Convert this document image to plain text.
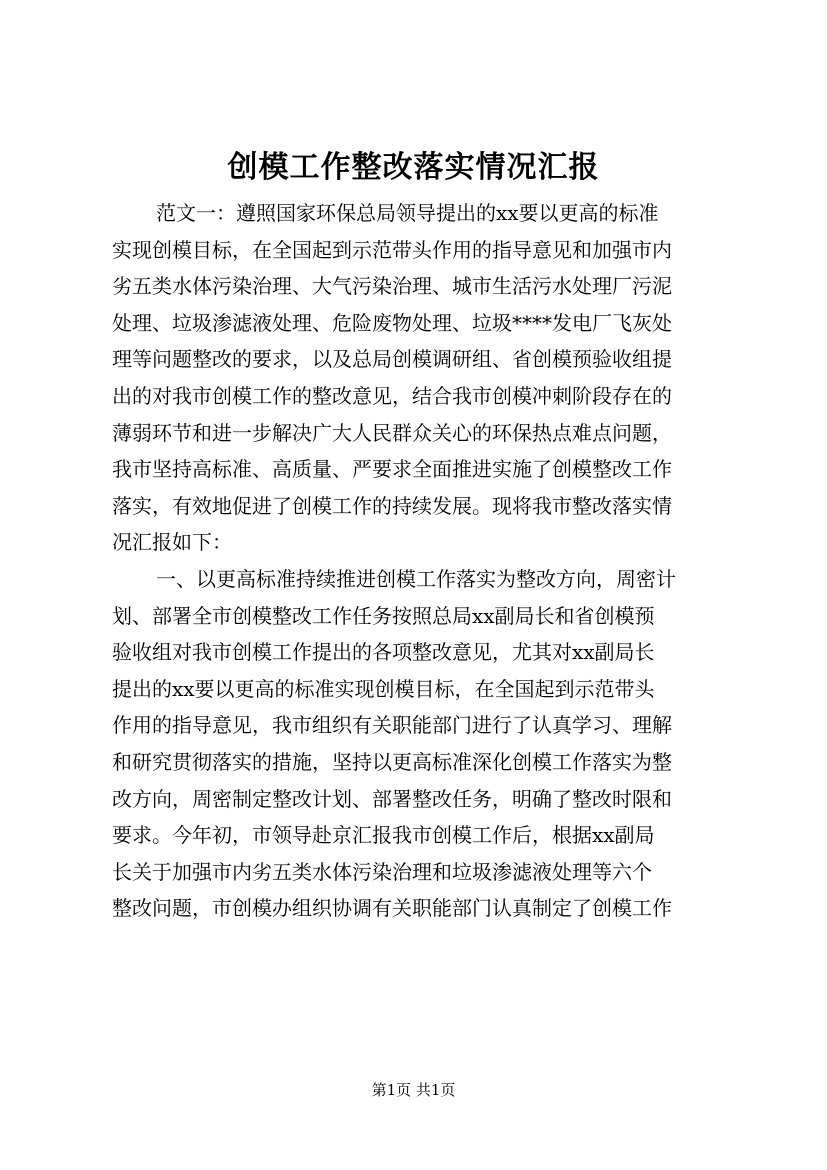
创模工作整改落实情况汇报
范文一：遵照国家环保总局领导提出的xx要以更高的标准
实现创模目标，在全国起到示范带头作用的指导意见和加强市内
劣五类水体污染治理、大气污染治理、城市生活污水处理厂污泥
处理、垃圾渗滤液处理、危险废物处理、垃圾****发电厂飞灰处
理等问题整改的要求，以及总局创模调研组、省创模预验收组提
出的对我市创模工作的整改意见，结合我市创模冲刺阶段存在的
薄弱环节和进一步解决广大人民群众关心的环保热点难点问题，
我市坚持高标准、高质量、严要求全面推进实施了创模整改工作
落实，有效地促进了创模工作的持续发展。现将我市整改落实情
况汇报如下：
一、以更高标准持续推进创模工作落实为整改方向，周密计
划、部署全市创模整改工作任务按照总局xx副局长和省创模预
验收组对我市创模工作提出的各项整改意见，尤其对xx副局长
提出的xx要以更高的标准实现创模目标，在全国起到示范带头
作用的指导意见，我市组织有关职能部门进行了认真学习、理解
和研究贯彻落实的措施，坚持以更高标准深化创模工作落实为整
改方向，周密制定整改计划、部署整改任务，明确了整改时限和
要求。今年初，市领导赴京汇报我市创模工作后，根据xx副局
长关于加强市内劣五类水体污染治理和垃圾渗滤液处理等六个
整改问题，市创模办组织协调有关职能部门认真制定了创模工作
第1页 共1页
